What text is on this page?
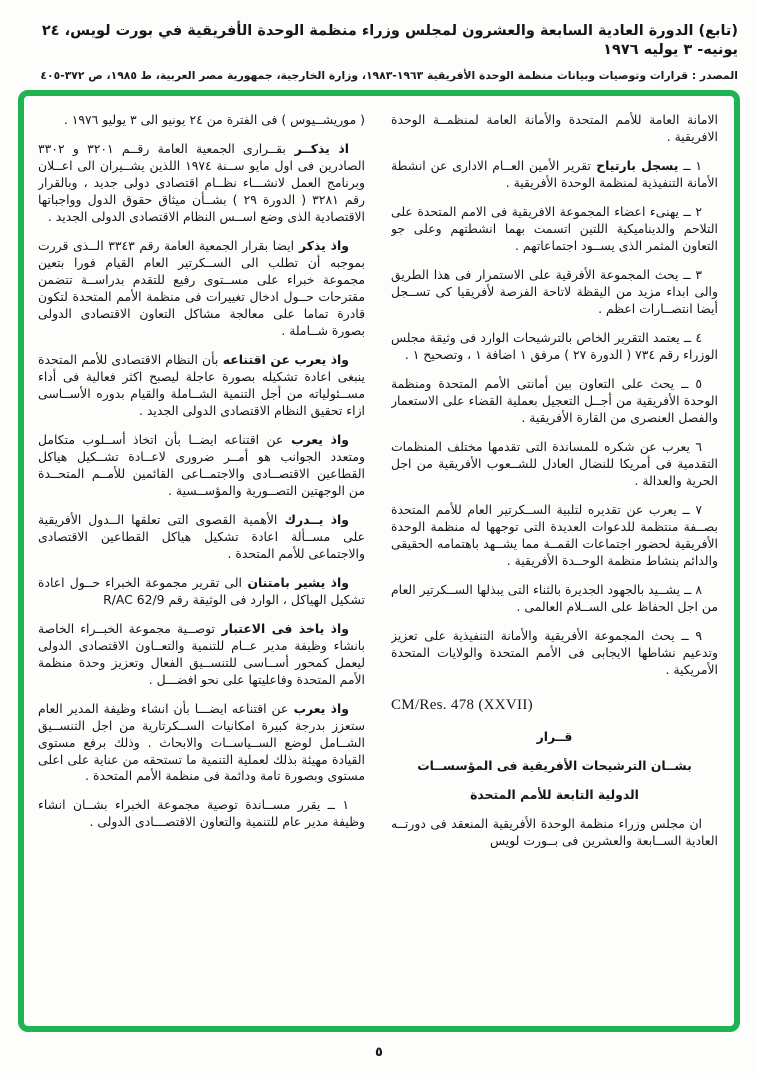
(تابع) الدورة العادية السابعة والعشرون لمجلس وزراء منظمة الوحدة الأفريقية في بورت لويس، ٢٤ يونيه- ٣ يوليه ١٩٧٦
المصدر : قرارات وتوصيات وبيانات منظمة الوحدة الأفريقية ١٩٦٣-١٩٨٣، وزارة الخارجية، جمهورية مصر العربية، ط ١٩٨٥، ص ٣٧٢-٤٠٥
الامانة العامة للأمم المتحدة والأمانة العامة لمنظمــة الوحدة الافريقية .
١ ــيسجل بارتياحتقرير الأمين العــام الادارى عن انشطة الأمانة التنفيذية لمنظمة الوحدة الأفريقية .
٢ ــ يهنىء اعضاء المجموعة الافريقية فى الامم المتحدة على التلاحم والديناميكية اللتين اتسمت بهما انشطتهم وعلى جو التعاون المثمر الذى يســود اجتماعاتهم .
٣ ــ يحث المجموعة الأفرقية على الاستمرار فى هذا الطريق والى ابداء مزيد من اليقظة لاتاحة الفرصة لأفريقيا كى تســجل أيضا انتصــارات اعظم .
٤ ــ يعتمد التقرير الخاص بالترشيحات الوارد فى وثيقة مجلس الوزراء رقم ٧٣٤ ( الدورة ٢٧ ) مرفق ١ اضافة ١ ، وتصحيح ١ .
٥ ــ يحث على التعاون بين أمانتى الأمم المتحدة ومنظمة الوحدة الأفريقية من أجــل التعجيل بعملية القضاء على الاستعمار والفصل العنصرى من القارة الأفريقية .
٦ يعرب عن شكره للمساندة التى تقدمها مختلف المنظمات التقدمية فى أمريكا للنضال العادل للشــعوب الأفريقية من اجل الحرية والعدالة .
٧ ــ يعرب عن تقديره لتلبية الســكرتير العام للأمم المتحدة بصــفة منتظمة للدعوات العديدة التى توجهها له منظمة الوحدة الأفريقية لحضور اجتماعات القمــة مما يشــهد باهتمامه الحقيقى والدائم بنشاط منظمة الوحــدة الأفريقية .
٨ ــ يشــيد بالجهود الجديرة بالثناء التى يبذلها الســكرتير العام من اجل الحفاظ على الســلام العالمى .
٩ ــ يحث المجموعة الأفريقية والأمانة التنفيذية على تعزيز وتدعيم نشاطها الايجابى فى الأمم المتحدة والولايات المتحدة الأمريكية .
CM/Res. 478 (XXVII)
قــرار
بشــان الترشيحات الأفريقية فى المؤسســات
الدولية التابعة للأمم المتحدة
ان مجلس وزراء منظمة الوحدة الأفريقية المنعقد فى دورتــه العادية الســابعة والعشرين فى بــورت لويس
( موريشــيوس ) فى الفترة من ٢٤ يونيو الى ٣ يوليو ١٩٧٦ .
اذ يذكــربقــرارى الجمعية العامة رقــم ٣٢٠١ و ٣٣٠٢ الصادرين فى اول مايو ســنة ١٩٧٤ اللذين يشــيران الى اعــلان وبرنامج العمل لانشـــاء نظــام اقتصادى دولى جديد ، وبالقرار رقم ٣٢٨١ ( الدورة ٢٩ ) بشــأن ميثاق حقوق الدول وواجباتها الاقتصادية الذى وضع اســس النظام الاقتصادى الدولى الجديد .
واذ يذكرايضا بقرار الجمعية العامة رقم ٣٣٤٣ الــذى قررت بموجبه أن تطلب الى الســكرتير العام القيام فورا بتعين مجموعة خبراء على مســتوى رفيع للتقدم بدراســة تتضمن مقترحات حــول ادخال تغييرات فى منظمة الأمم المتحدة لتكون قادرة تماما على معالجة مشاكل التعاون الاقتصادى الدولى بصورة شــاملة .
واذ يعرب عن اقتناعهبأن النظام الاقتصادى للأمم المتحدة ينبغى اعادة تشكيله بصورة عاجلة ليصبح اكثر فعالية فى أداء مســئولياته من أجل التنمية الشــاملة والقيام بدوره الأســاسى ازاء تحقيق النظام الاقتصادى الدولى الجديد .
واذ يعربعن اقتناعه ايضــا بأن اتخاذ أســلوب متكامل ومتعدد الجوانب هو أمــر ضرورى لاعــادة تشــكيل هياكل القطاعين الاقتصــادى والاجتمــاعى القائمين للأمــم المتحــدة من الوجهتين التصــورية والمؤســسية .
واذ يــدركالأهمية القصوى التى تعلقها الــدول الأفريقية على مســألة اعادة تشكيل هياكل القطاعين الاقتصادى والاجتماعى للأمم المتحدة .
واذ يشير بامتنانالى تقرير مجموعة الخبراء حــول اعادة تشكيل الهياكل ، الوارد فى الوثيقة رقم R/AC 62/9
واذ ياخذ فى الاعتبارتوصــية مجموعة الخبــراء الخاصة بانشاء وظيفة مدير عــام للتنمية والتعــاون الاقتصادى الدولى ليعمل كمحور أســاسى للتنســيق الفعال وتعزيز وحدة منظمة الأمم المتحدة وفاعليتها على نحو افضـــل .
واذ يعربعن اقتناعه ايضـــا بأن انشاء وظيفة المدير العام ستعزز بدرجة كبيرة امكانيات الســكرتارية من اجل التنســيق الشــامل لوضع الســياســات والابحاث . وذلك برفع مستوى القيادة مهيئة بذلك لعملية التنمية ما تستحقه من عناية على اعلى مستوى وبصورة تامة ودائمة فى منظمة الأمم المتحدة .
١ ــ يقرر مســاندة توصية مجموعة الخبراء بشــان انشاء وظيفة مدير عام للتنمية والتعاون الاقتصـــادى الدولى .
٥
